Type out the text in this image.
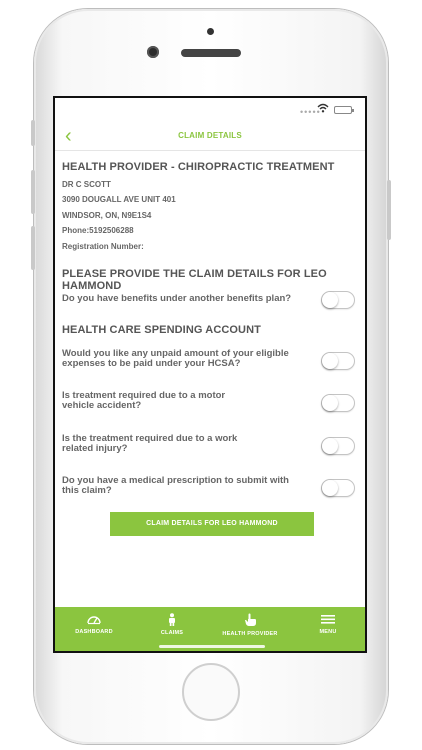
•••••
‹	CLAIM DETAILS
HEALTH PROVIDER - CHIROPRACTIC TREATMENT
DR C SCOTT
3090 DOUGALL AVE UNIT 401
WINDSOR, ON, N9E1S4
Phone:5192506288
Registration Number:
PLEASE PROVIDE THE CLAIM DETAILS FOR LEO HAMMOND
Do you have benefits under another benefits plan?
HEALTH CARE SPENDING ACCOUNT
Would you like any unpaid amount of your eligible
expenses to be paid under your HCSA?
Is treatment required due to a motor
vehicle accident?
Is the treatment required due to a work
related injury?
Do you have a medical prescription to submit with
this claim?
CLAIM DETAILS FOR LEO HAMMOND
DASHBOARD	CLAIMS	HEALTH PROVIDER	MENU
